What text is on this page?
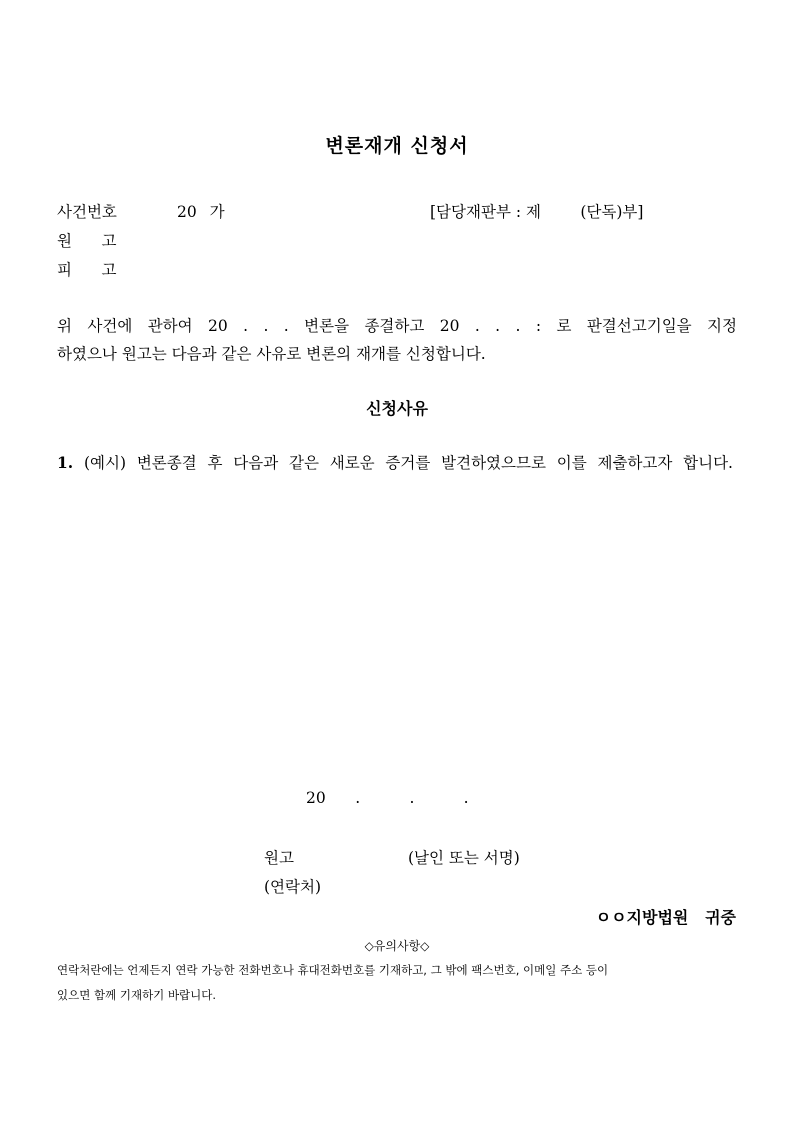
변론재개 신청서
사건번호	20 가	[담당재판부 : 제        (단독)부]
원      고
피      고
위 사건에 관하여 20 . . . 변론을 종결하고 20 . . . : 로 판결선고기일을 지정
하였으나 원고는 다음과 같은 사유로 변론의 재개를 신청합니다.
신청사유
1. (예시) 변론종결 후 다음과 같은 새로운 증거를 발견하였으므로 이를 제출하고자 합니다.
20      .          .          .
원고	(날인 또는 서명)
(연락처)
ㅇㅇ지방법원   귀중
◇유의사항◇
연락처란에는 언제든지 연락 가능한 전화번호나 휴대전화번호를 기재하고, 그 밖에 팩스번호, 이메일 주소 등이
있으면 함께 기재하기 바랍니다.
